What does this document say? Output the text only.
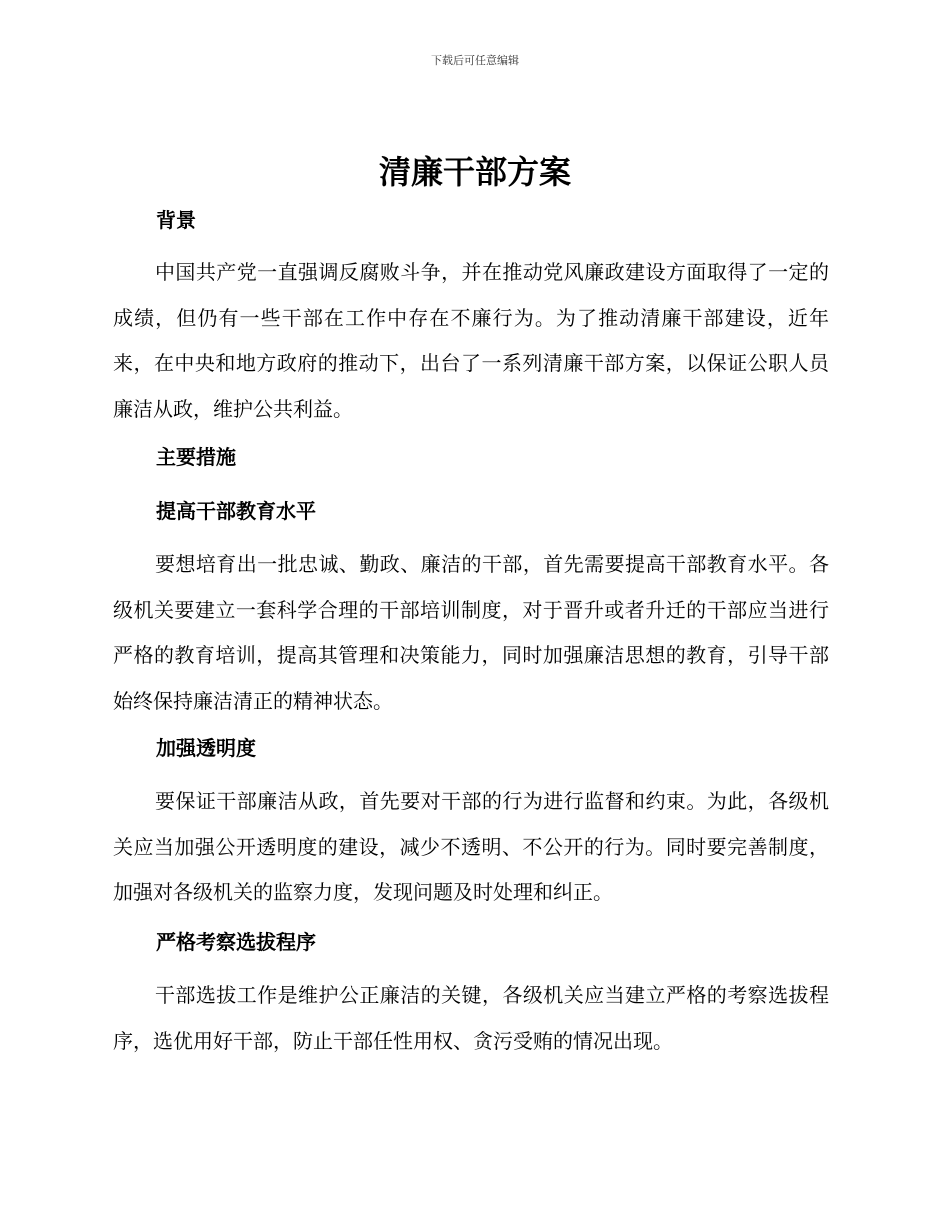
下载后可任意编辑
清廉干部方案
背景

中国共产党一直强调反腐败斗争，并在推动党风廉政建设方面取得了一定的成绩，但仍有一些干部在工作中存在不廉行为。为了推动清廉干部建设，近年来，在中央和地方政府的推动下，出台了一系列清廉干部方案，以保证公职人员廉洁从政，维护公共利益。

主要措施
提高干部教育水平

要想培育出一批忠诚、勤政、廉洁的干部，首先需要提高干部教育水平。各级机关要建立一套科学合理的干部培训制度，对于晋升或者升迁的干部应当进行严格的教育培训，提高其管理和决策能力，同时加强廉洁思想的教育，引导干部始终保持廉洁清正的精神状态。

加强透明度

要保证干部廉洁从政，首先要对干部的行为进行监督和约束。为此，各级机关应当加强公开透明度的建设，减少不透明、不公开的行为。同时要完善制度，加强对各级机关的监察力度，发现问题及时处理和纠正。

严格考察选拔程序

干部选拔工作是维护公正廉洁的关键，各级机关应当建立严格的考察选拔程序，选优用好干部，防止干部任性用权、贪污受贿的情况出现。
